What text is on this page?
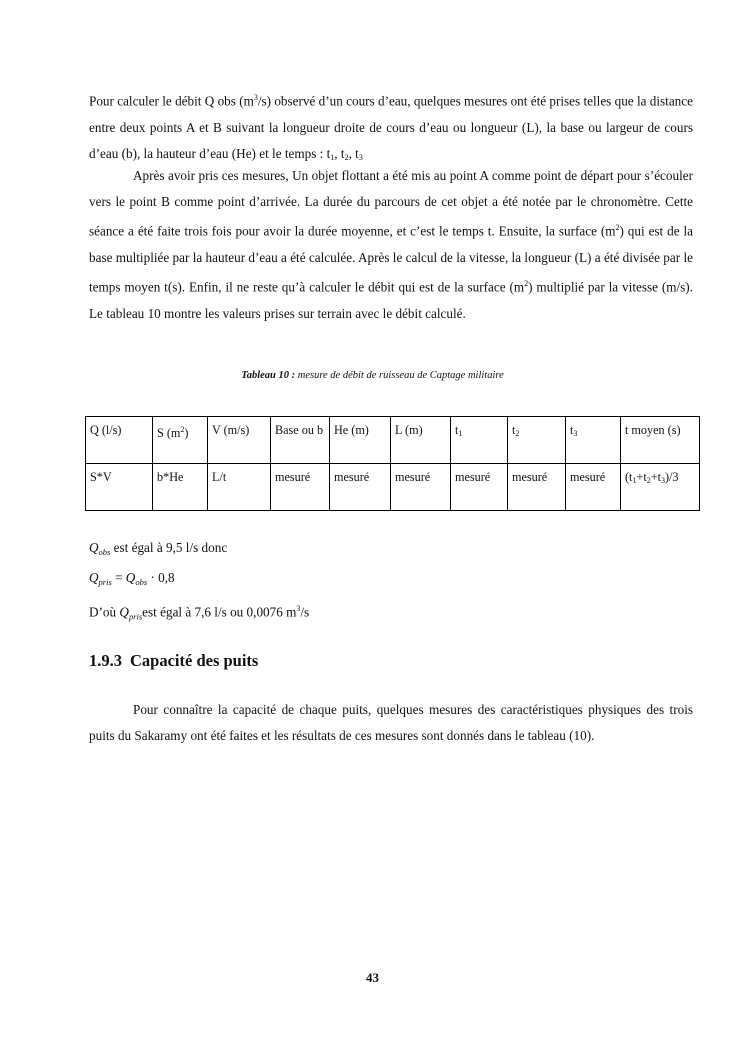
Pour calculer le débit Q obs $(m^3/s)$ observé d’un cours d’eau, quelques mesures ont été prises telles que la distance entre deux points A et B suivant la longueur droite de cours d’eau ou longueur (L), la base ou largeur de cours d’eau (b), la hauteur d’eau (He) et le temps : t1, t2, t3
Après avoir pris ces mesures, Un objet flottant a été mis au point A comme point de départ pour s’écouler vers le point B comme point d’arrivée. La durée du parcours de cet objet a été notée par le chronomètre. Cette séance a été faite trois fois pour avoir la durée moyenne, et c’est le temps t. Ensuite, la surface $(m^2)$ qui est de la base multipliée par la hauteur d’eau a été calculée. Après le calcul de la vitesse, la longueur (L) a été divisée par le temps moyen t(s). Enfin, il ne reste qu’à calculer le débit qui est de la surface $(m^2)$ multiplié par la vitesse (m/s). Le tableau 10 montre les valeurs prises sur terrain avec le débit calculé.
Tableau 10 : mesure de débit de ruisseau de Captage militaire
Q (l/s)	S $(m^2)$	V (m/s)	Base ou b	He (m)	L (m)	t1	t2	t3	t moyen (s)
S*V	b*He	L/t	mesuré	mesuré	mesuré	mesuré	mesuré	mesuré	(t1+t2+t3)/3
$Q_{obs}$ est égal à 9,5 l/s donc
$Q_{pris} = Q_{obs} \cdot 0,8$
D’où $Q_{pris}est$ égal à 7,6 l/s ou 0,0076 $m^3/s$
1.9.3 Capacité des puits
Pour connaître la capacité de chaque puits, quelques mesures des caractéristiques physiques des trois puits du Sakaramy ont été faites et les résultats de ces mesures sont donnés dans le tableau (10).
43
